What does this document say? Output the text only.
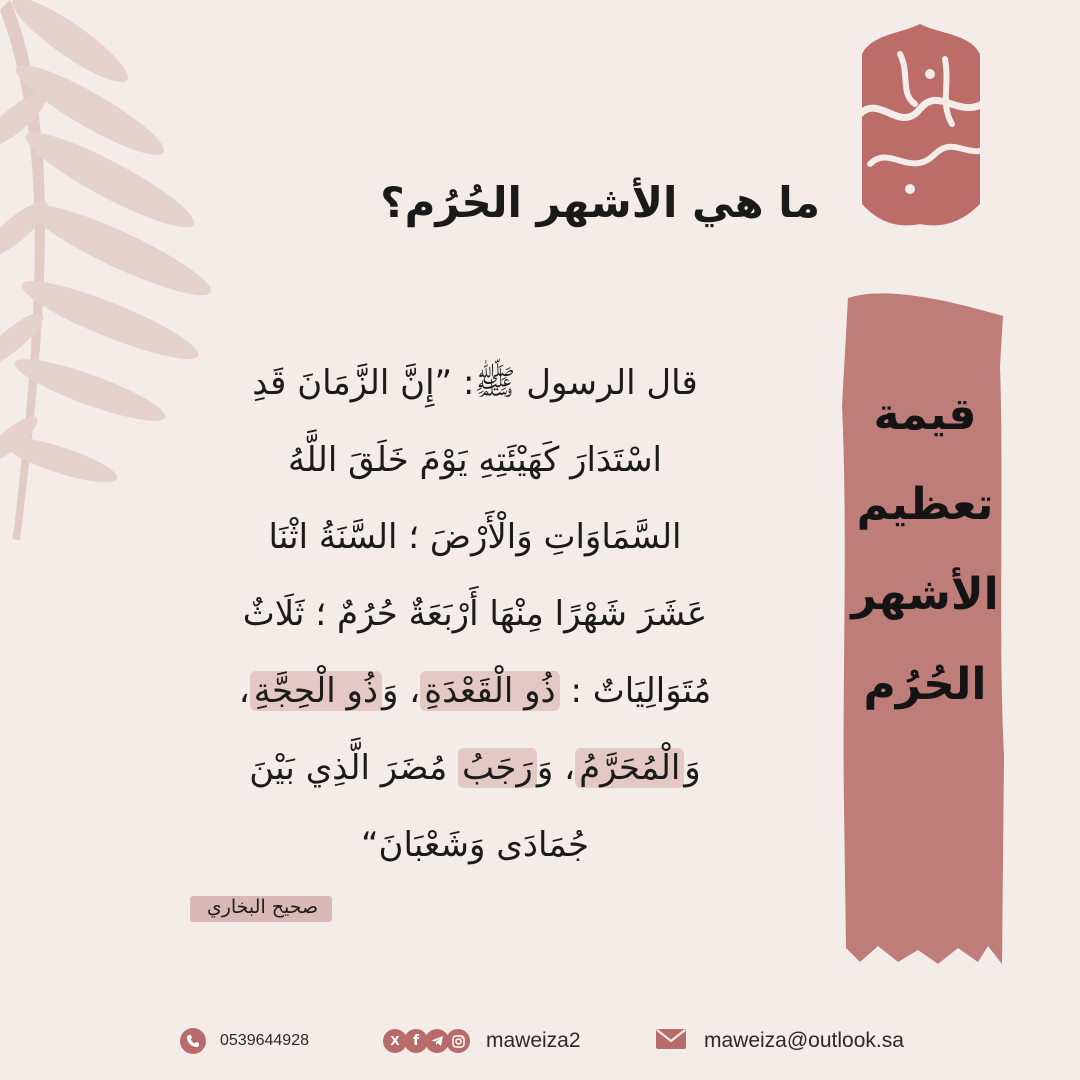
ما هي الأشهر الحُرُم؟
قيمة
تعظيم
الأشهر
الحُرُم
قال الرسول ﷺ: ”إِنَّ الزَّمَانَ قَدِ
اسْتَدَارَ كَهَيْئَتِهِ يَوْمَ خَلَقَ اللَّهُ
السَّمَاوَاتِ وَالْأَرْضَ ؛ السَّنَةُ اثْنَا
عَشَرَ شَهْرًا مِنْهَا أَرْبَعَةٌ حُرُمٌ ؛ ثَلَاثٌ
مُتَوَالِيَاتٌ : ذُو الْقَعْدَةِ، وَذُو الْحِجَّةِ،
وَالْمُحَرَّمُ، وَرَجَبُ مُضَرَ الَّذِي بَيْنَ
جُمَادَى وَشَعْبَانَ“
صحيح البخاري
0539644928	X f	maweiza2	maweiza@outlook.sa
